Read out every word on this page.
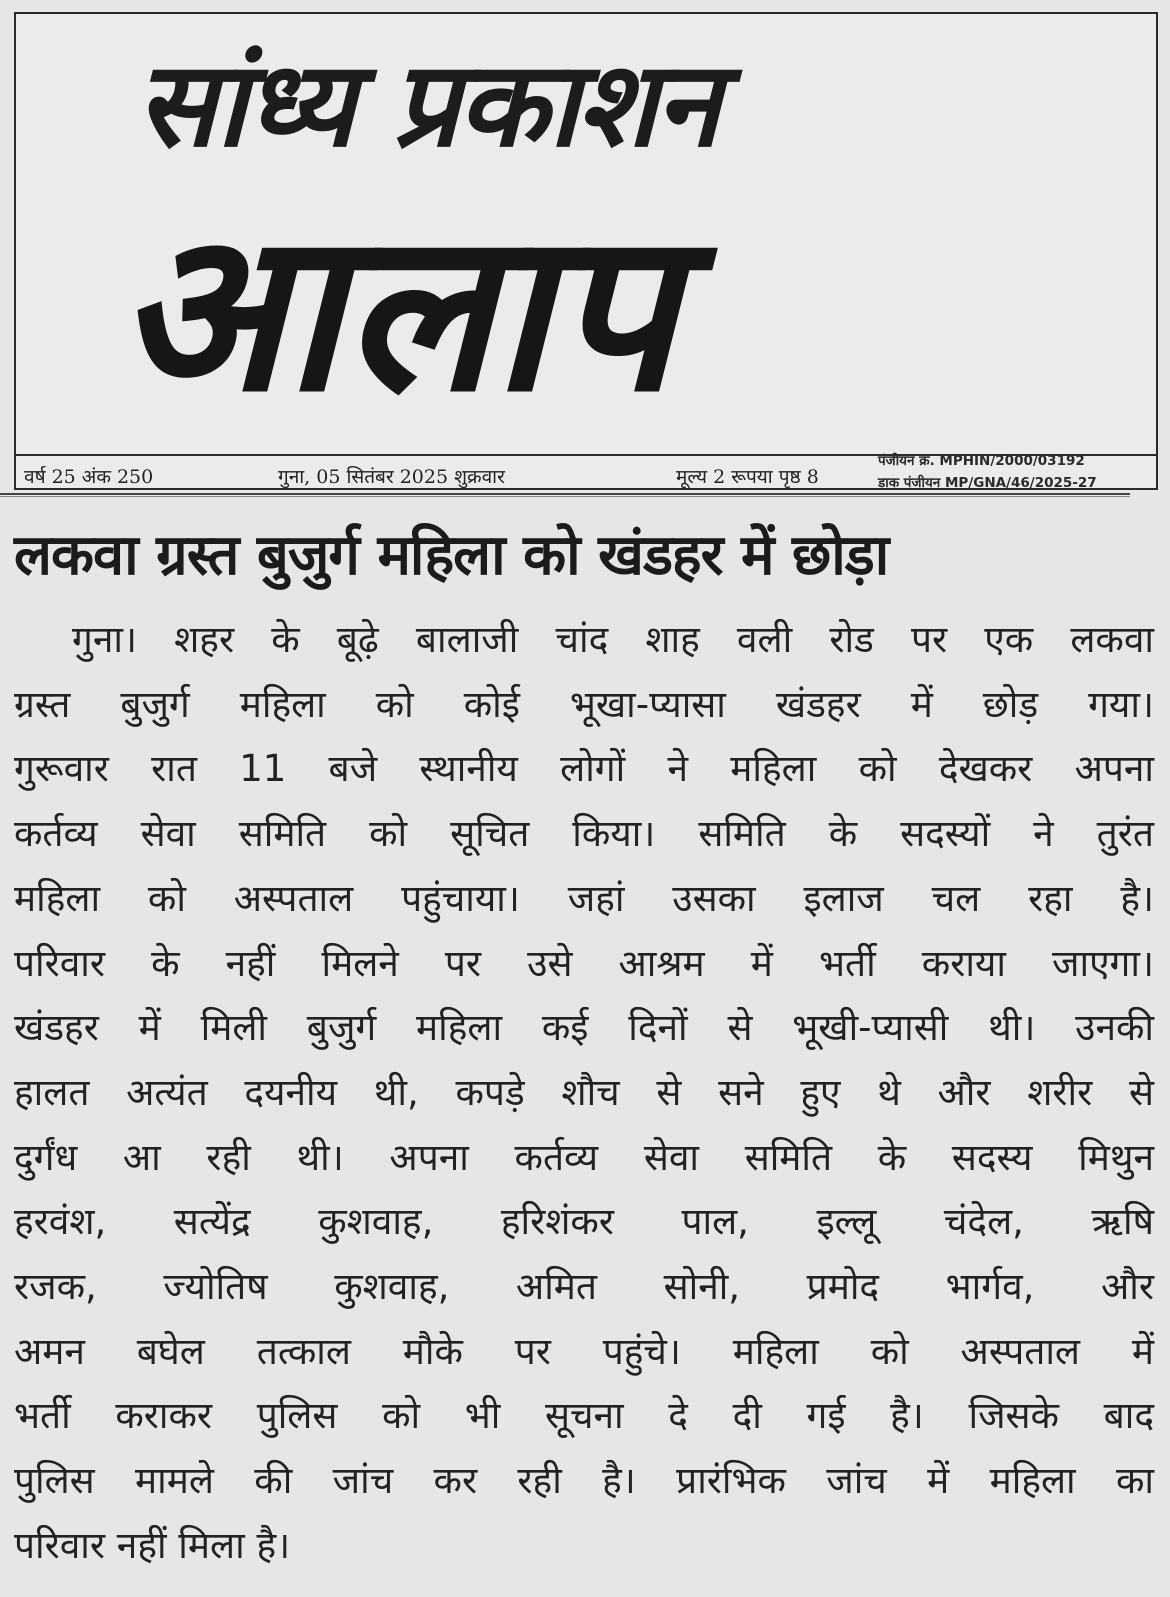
सांध्य प्रकाशन
आलाप
वर्ष 25 अंक 250	गुना, 05 सितंबर 2025 शुक्रवार	मूल्य 2 रूपया पृष्ठ 8
पंजीयन क्र. MPHIN/2000/03192
डाक पंजीयन MP/GNA/46/2025-27
लकवा ग्रस्त बुजुर्ग महिला को खंडहर में छोड़ा
गुना। शहर के बूढ़े बालाजी चांद शाह वली रोड पर एक लकवा
ग्रस्त बुजुर्ग महिला को कोई भूखा-प्यासा खंडहर में छोड़ गया।
गुरूवार रात 11 बजे स्थानीय लोगों ने महिला को देखकर अपना
कर्तव्य सेवा समिति को सूचित किया। समिति के सदस्यों ने तुरंत
महिला को अस्पताल पहुंचाया। जहां उसका इलाज चल रहा है।
परिवार के नहीं मिलने पर उसे आश्रम में भर्ती कराया जाएगा।
खंडहर में मिली बुजुर्ग महिला कई दिनों से भूखी-प्यासी थी। उनकी
हालत अत्यंत दयनीय थी, कपड़े शौच से सने हुए थे और शरीर से
दुर्गंध आ रही थी। अपना कर्तव्य सेवा समिति के सदस्य मिथुन
हरवंश, सत्येंद्र कुशवाह, हरिशंकर पाल, इल्लू चंदेल, ऋषि
रजक, ज्योतिष कुशवाह, अमित सोनी, प्रमोद भार्गव, और
अमन बघेल तत्काल मौके पर पहुंचे। महिला को अस्पताल में
भर्ती कराकर पुलिस को भी सूचना दे दी गई है। जिसके बाद
पुलिस मामले की जांच कर रही है। प्रारंभिक जांच में महिला का
परिवार नहीं मिला है।
